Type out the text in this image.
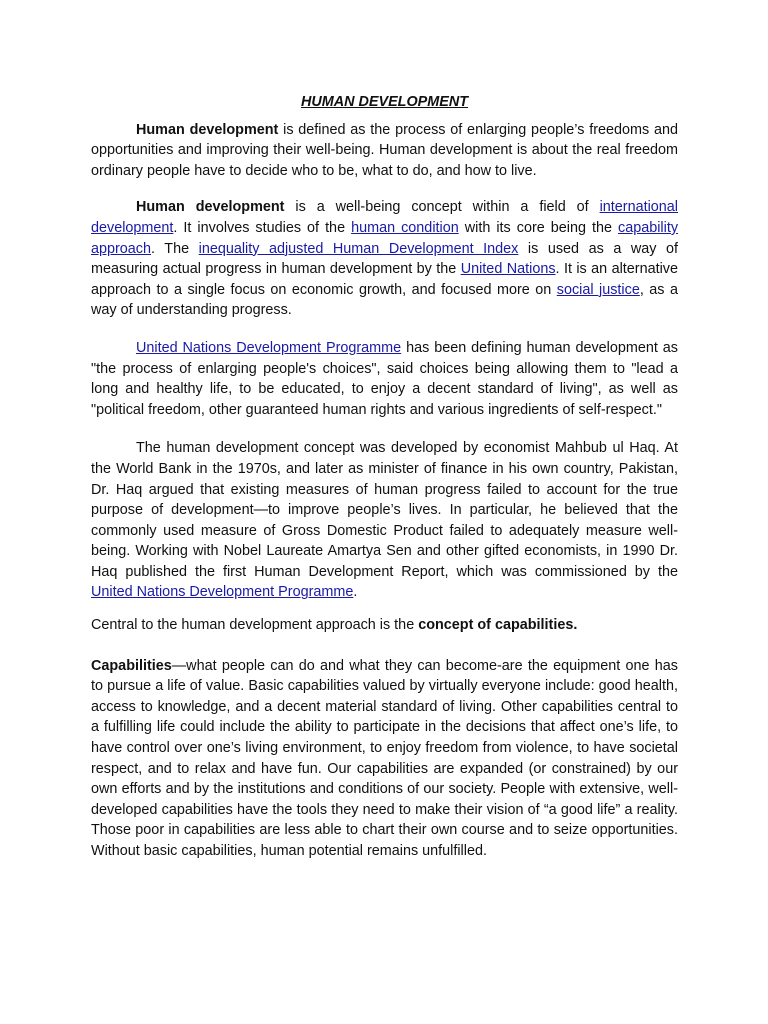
HUMAN DEVELOPMENT

Human development is defined as the process of enlarging people’s freedoms and opportunities and improving their well-being. Human development is about the real freedom ordinary people have to decide who to be, what to do, and how to live.

Human development is a well-being concept within a field of international development. It involves studies of the human condition with its core being the capability approach. The inequality adjusted Human Development Index is used as a way of measuring actual progress in human development by the United Nations. It is an alternative approach to a single focus on economic growth, and focused more on social justice, as a way of understanding progress.

United Nations Development Programme has been defining human development as "the process of enlarging people's choices", said choices being allowing them to "lead a long and healthy life, to be educated, to enjoy a decent standard of living", as well as "political freedom, other guaranteed human rights and various ingredients of self-respect."

The human development concept was developed by economist Mahbub ul Haq. At the World Bank in the 1970s, and later as minister of finance in his own country, Pakistan, Dr. Haq argued that existing measures of human progress failed to account for the true purpose of development—to improve people’s lives. In particular, he believed that the commonly used measure of Gross Domestic Product failed to adequately measure well-being. Working with Nobel Laureate Amartya Sen and other gifted economists, in 1990 Dr. Haq published the first Human Development Report, which was commissioned by the United Nations Development Programme.

Central to the human development approach is the concept of capabilities.

Capabilities—what people can do and what they can become-are the equipment one has to pursue a life of value. Basic capabilities valued by virtually everyone include: good health, access to knowledge, and a decent material standard of living. Other capabilities central to a fulfilling life could include the ability to participate in the decisions that affect one’s life, to have control over one’s living environment, to enjoy freedom from violence, to have societal respect, and to relax and have fun. Our capabilities are expanded (or constrained) by our own efforts and by the institutions and conditions of our society. People with extensive, well-developed capabilities have the tools they need to make their vision of “a good life” a reality. Those poor in capabilities are less able to chart their own course and to seize opportunities. Without basic capabilities, human potential remains unfulfilled.
